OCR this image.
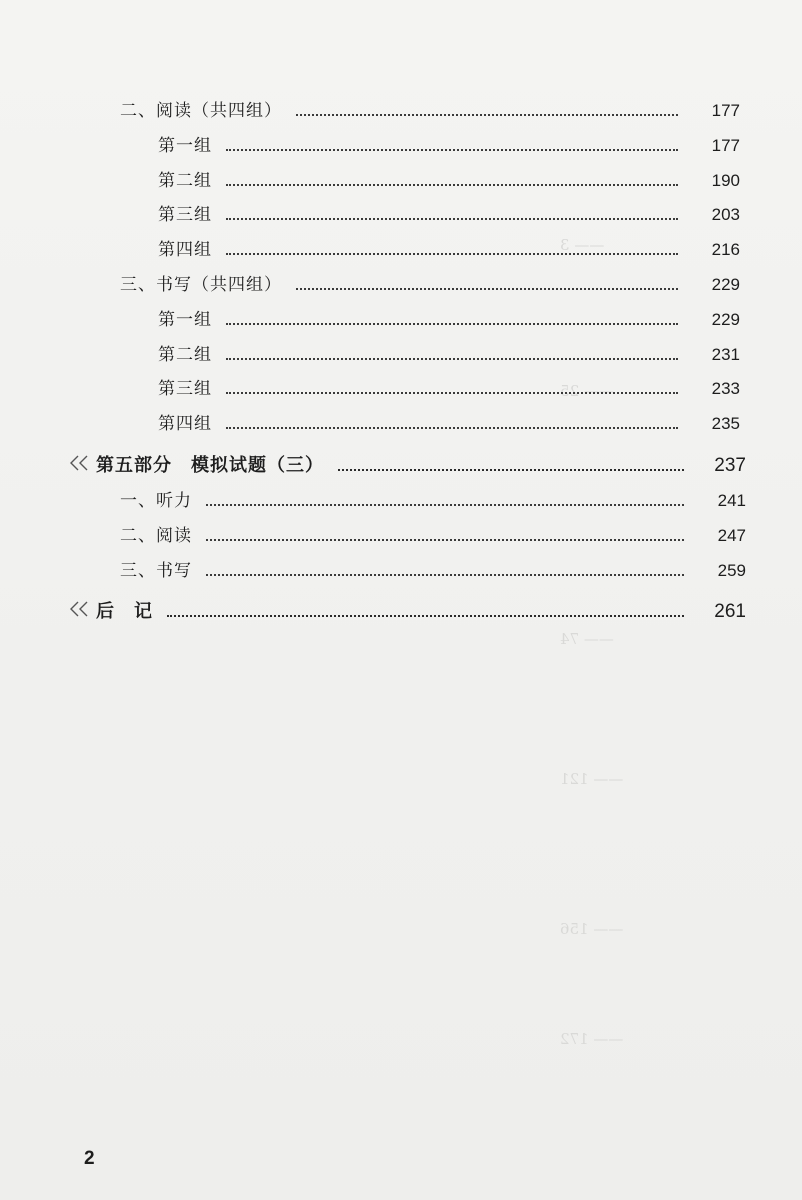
—— 3
—— 25
—— 74
—— 121
—— 156
—— 172
二、阅读（共四组）	177
第一组	177
第二组	190
第三组	203
第四组	216
三、书写（共四组）	229
第一组	229
第二组	231
第三组	233
第四组	235
第五部分　模拟试题（三）	237
一、听力	241
二、阅读	247
三、书写	259
后　记	261
2
